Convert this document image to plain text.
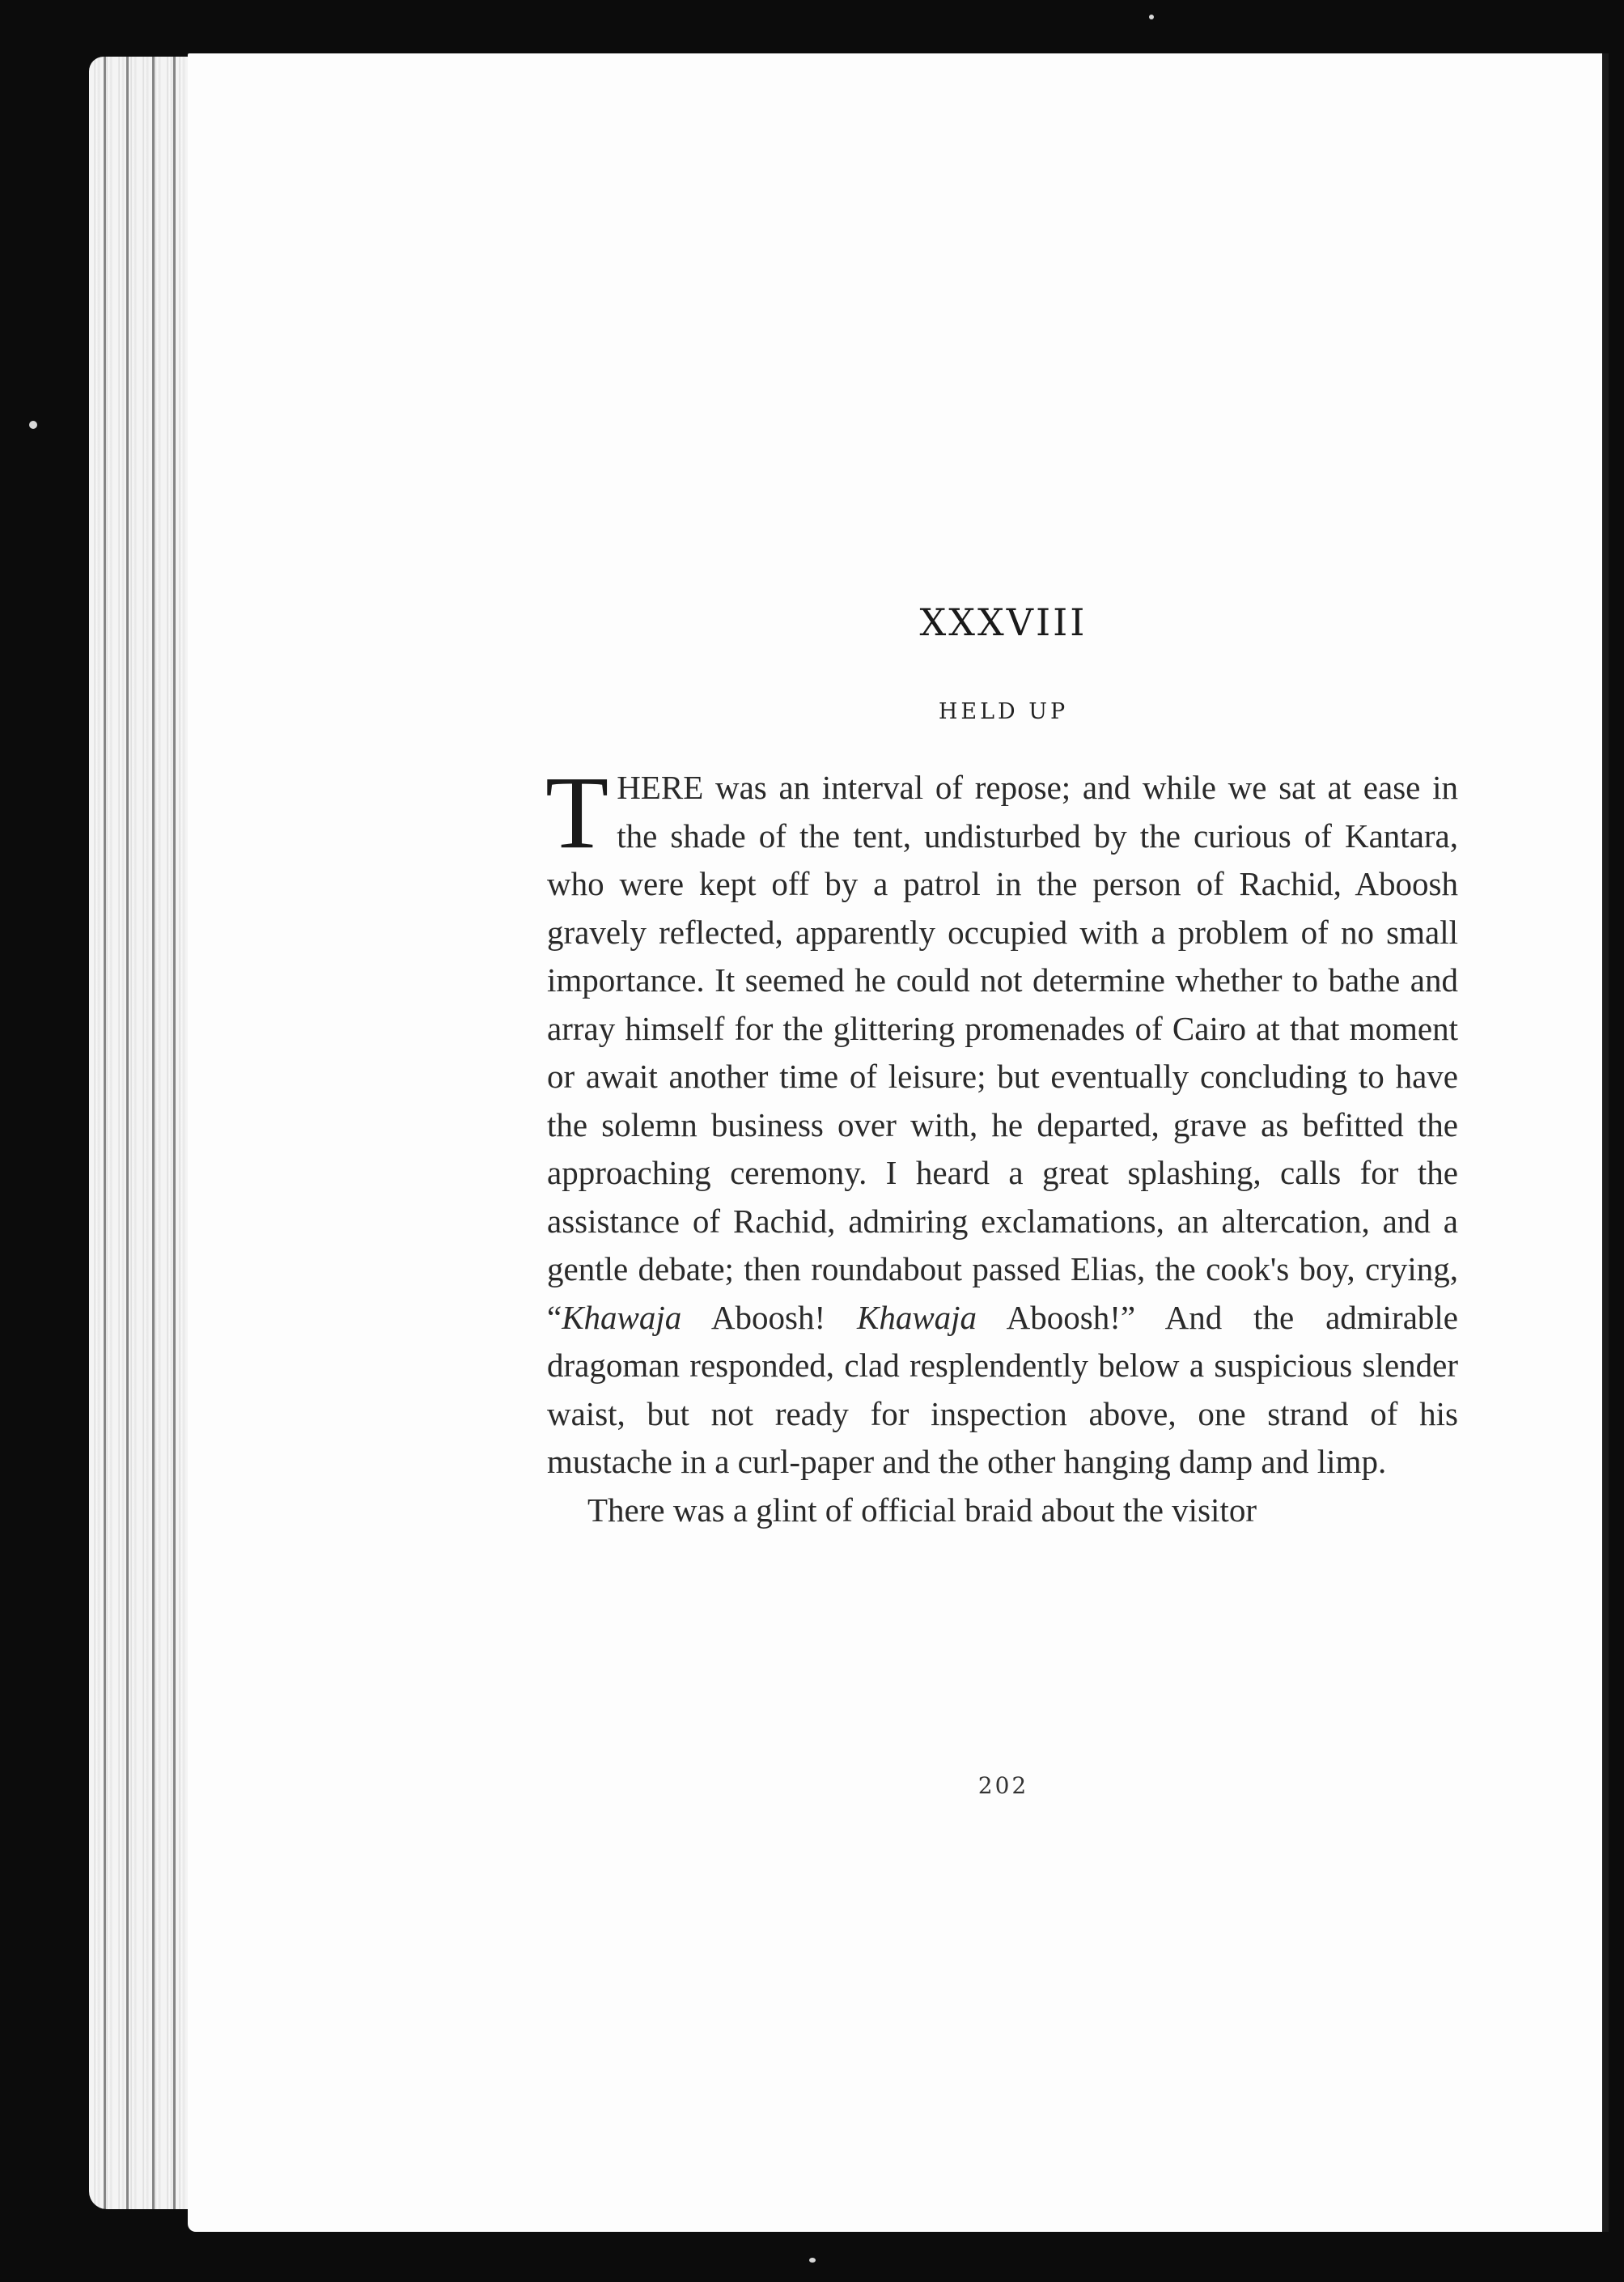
XXXVIII
HELD UP

THERE was an interval of repose; and while we sat at ease in the shade of the tent, undisturbed by the curious of Kantara, who were kept off by a patrol in the person of Rachid, Aboosh gravely reflected, apparently occupied with a problem of no small importance. It seemed he could not determine whether to bathe and array himself for the glittering promenades of Cairo at that moment or await another time of leisure; but eventually concluding to have the solemn business over with, he departed, grave as befitted the approaching ceremony. I heard a great splashing, calls for the assistance of Rachid, admiring exclamations, an altercation, and a gentle debate; then roundabout passed Elias, the cook's boy, crying, “Khawaja Aboosh! Khawaja Aboosh!” And the admirable dragoman responded, clad resplendently below a suspicious slender waist, but not ready for inspection above, one strand of his mustache in a curl-paper and the other hanging damp and limp.

There was a glint of official braid about the visitor

202
